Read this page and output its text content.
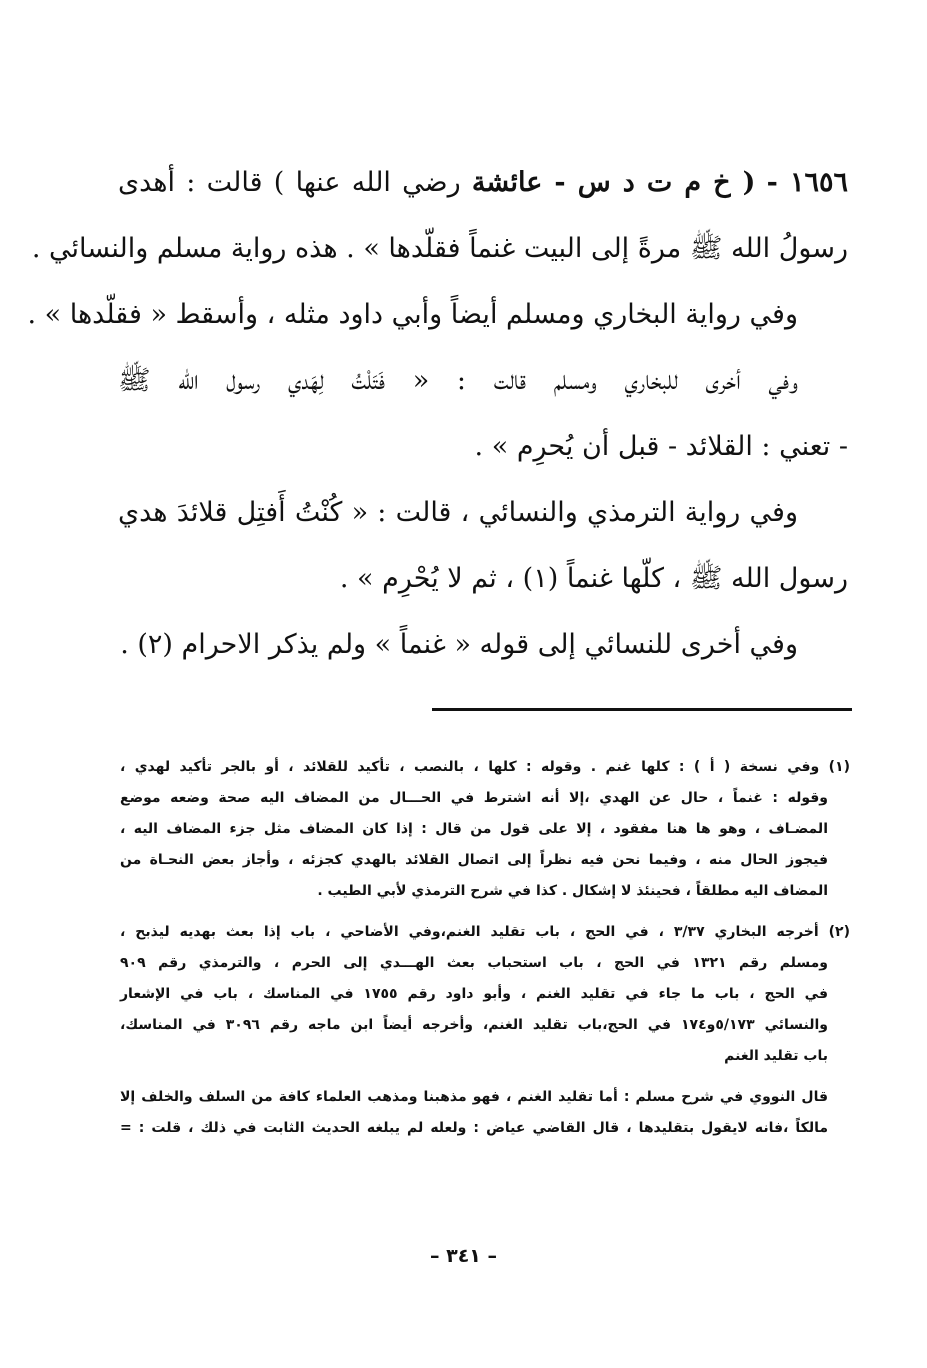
١٦٥٦ - ( خ م ت د س - عائشة رضي الله عنها ) قالت : أهدى
رسولُ الله ﷺ مرةً إلى البيت غنماً فقلّدها » . هذه رواية مسلم والنسائي .
وفي رواية البخاري ومسلم أيضاً وأبي داود مثله ، وأسقط « فقلّدها » .
وفي أخرى للبخاري ومسلم قالت : « فَتَلْتُ لِهَدي رسول الله ﷺ
- تعني : القلائد - قبل أن يُحرِم » .
وفي رواية الترمذي والنسائي ، قالت : « كُنْتُ أَفتِل قلائدَ هدي
رسول الله ﷺ ، كلّها غنماً (١) ، ثم لا يُحْرِم » .
وفي أخرى للنسائي إلى قوله « غنماً » ولم يذكر الاحرام (٢) .
(١) وفي نسخة ( أ ) : كلها غنم . وقوله : كلها ، بالنصب ، تأكيد للقلائد ، أو بالجر تأكيد لهدي ،
وقوله : غنماً ، حال عن الهدي ،إلا أنه اشترط في الحـــال من المضاف اليه صحة وضعه موضع
المضـاف ، وهو ها هنا مفقود ، إلا على قول من قال : إذا كان المضاف مثل جزء المضاف اليه ،
فيجوز الحال منه ، وفيما نحن فيه نظراً إلى اتصال القلائد بالهدي كجزئه ، وأجاز بعض النحـاة من
المضاف اليه مطلقاً ، فحينئذ لا إشكال . كذا في شرح الترمذي لأبي الطيب .
(٢) أخرجه البخاري ٣/٣٧ ، في الحج ، باب تقليد الغنم،وفي الأضاحي ، باب إذا بعث بهديه ليذبح ،
ومسلم رقم ١٣٢١ في الحج ، باب استحباب بعث الهـــدي إلى الحرم ، والترمذي رقم ٩٠٩
في الحج ، باب ما جاء في تقليد الغنم ، وأبو داود رقم ١٧٥٥ في المناسك ، باب في الإشعار
والنسائي ٥/١٧٣و١٧٤ في الحج،باب تقليد الغنم، وأخرجه أيضاً ابن ماجه رقم ٣٠٩٦ في المناسك،
باب تقليد الغنم
قال النووي في شرح مسلم : أما تقليد الغنم ، فهو مذهبنا ومذهب العلماء كافة من السلف والخلف إلا
مالكاً ،فانه لايقول بتقليدها ، قال القاضي عياض : ولعله لم يبلغه الحديث الثابت في ذلك ، قلت : =
– ٣٤١ –
